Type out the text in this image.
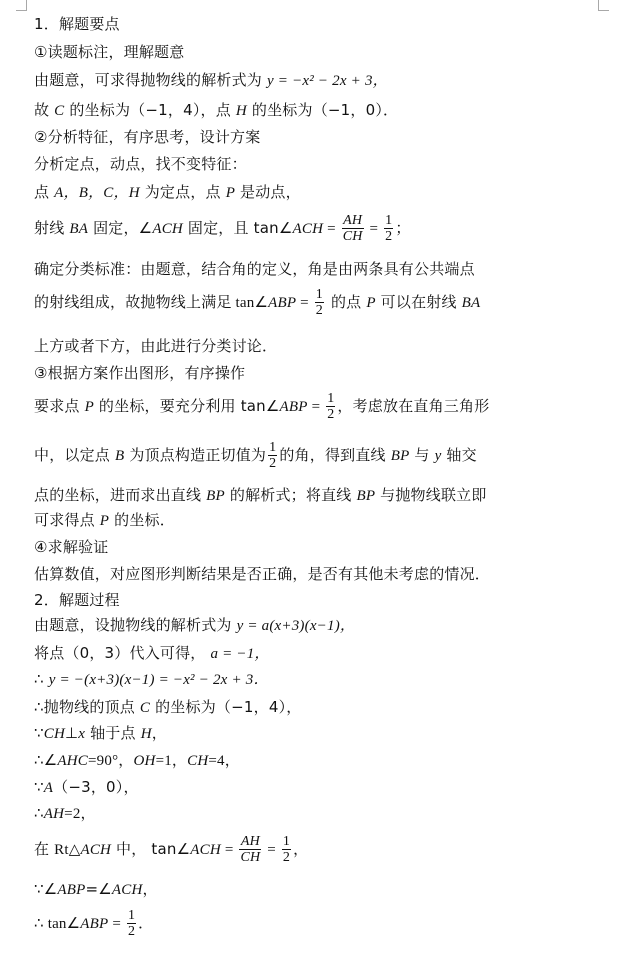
1．解题要点
①读题标注，理解题意
由题意，可求得抛物线的解析式为 y = −x² − 2x + 3，
故 C 的坐标为（−1，4），点 H 的坐标为（−1，0）．
②分析特征，有序思考，设计方案
分析定点，动点，找不变特征：
点 A，B，C，H 为定点，点 P 是动点，
射线 BA 固定，∠ACH 固定，且 tan∠ACH = $\frac{AH}{CH} = \frac{1}{2}$ ；
确定分类标准：由题意，结合角的定义，角是由两条具有公共端点
的射线组成，故抛物线上满足 tan∠ABP = $\frac{1}{2}$ 的点 P 可以在射线 BA
上方或者下方，由此进行分类讨论．
③根据方案作出图形，有序操作
要求点 P 的坐标，要充分利用 tan∠ABP = $\frac{1}{2}$ ，考虑放在直角三角形
中，以定点 B 为顶点构造正切值为 $\frac{1}{2}$ 的角，得到直线 BP 与 y 轴交
点的坐标，进而求出直线 BP 的解析式；将直线 BP 与抛物线联立即
可求得点 P 的坐标．
④求解验证
估算数值，对应图形判断结果是否正确，是否有其他未考虑的情况．
2．解题过程
由题意，设抛物线的解析式为 y = a(x+3)(x−1)，
将点（0，3）代入可得， a = −1，
∴ y = −(x+3)(x−1) = −x² − 2x + 3．
∴抛物线的顶点 C 的坐标为（−1，4），
∵CH⊥x 轴于点 H，
∴∠AHC=90°，OH=1，CH=4，
∵A（−3，0），
∴AH=2，
在 Rt△ACH 中， tan∠ACH = $\frac{AH}{CH} = \frac{1}{2}$ ，
∵∠ABP=∠ACH，
∴ tan∠ABP = $\frac{1}{2}$ ．
